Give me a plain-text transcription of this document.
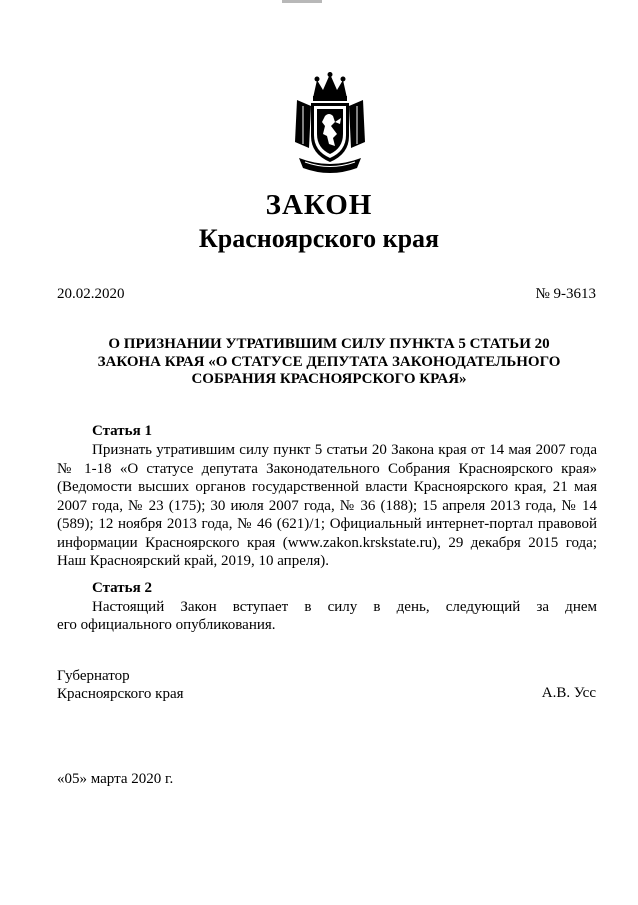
ЗАКОН
Красноярского края
20.02.2020	№ 9-3613
О ПРИЗНАНИИ УТРАТИВШИМ СИЛУ ПУНКТА 5 СТАТЬИ 20
ЗАКОНА КРАЯ «О СТАТУСЕ ДЕПУТАТА ЗАКОНОДАТЕЛЬНОГО
СОБРАНИЯ КРАСНОЯРСКОГО КРАЯ»
Статья 1
Признать утратившим силу пункт 5 статьи 20 Закона края от 14 мая 2007 года
№ 1-18 «О статусе депутата Законодательного Собрания Красноярского края»
(Ведомости высших органов государственной власти Красноярского края, 21 мая
2007 года, № 23 (175); 30 июля 2007 года, № 36 (188); 15 апреля 2013 года, № 14
(589); 12 ноября 2013 года, № 46 (621)/1; Официальный интернет-портал правовой
информации Красноярского края (www.zakon.krskstate.ru), 29 декабря 2015 года;
Наш Красноярский край, 2019, 10 апреля).
Статья 2
Настоящий Закон вступает в силу в день, следующий за днем
его официального опубликования.
Губернатор
Красноярского края	А.В. Усс
«05» марта 2020 г.
